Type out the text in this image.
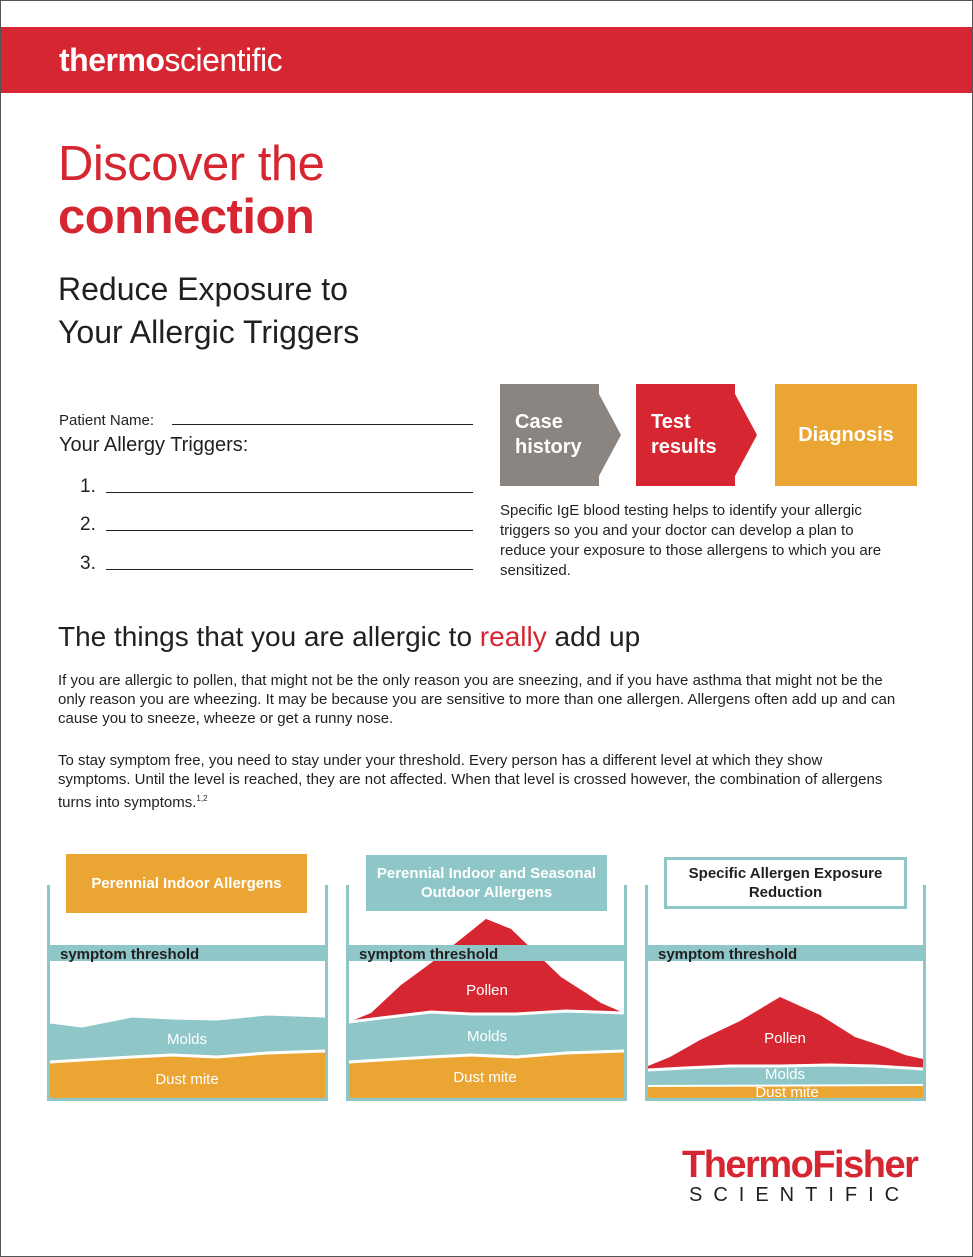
thermoscientific
Discover the
connection
Reduce Exposure to
Your Allergic Triggers
Patient Name:
Your Allergy Triggers:
1.
2.
3.
Case
history
Test
results
Diagnosis
Specific IgE blood testing helps to identify your allergic triggers so you and your doctor can develop a plan to reduce your exposure to those allergens to which you are sensitized.
The things that you are allergic to really add up
If you are allergic to pollen, that might not be the only reason you are sneezing, and if you have asthma that might not be the only reason you are wheezing. It may be because you are sensitive to more than one allergen. Allergens often add up and can cause you to sneeze, wheeze or get a runny nose.
To stay symptom free, you need to stay under your threshold. Every person has a different level at which they show symptoms. Until the level is reached, they are not affected. When that level is crossed however, the combination of allergens turns into symptoms.$^{1,2}$
symptom threshold
Molds
Dust mite
Perennial Indoor Allergens
symptom threshold
Pollen
Molds
Dust mite
Perennial Indoor and Seasonal Outdoor Allergens
symptom threshold
Pollen
Molds
Dust mite
Specific Allergen Exposure Reduction
ThermoFisher
SCIENTIFIC
